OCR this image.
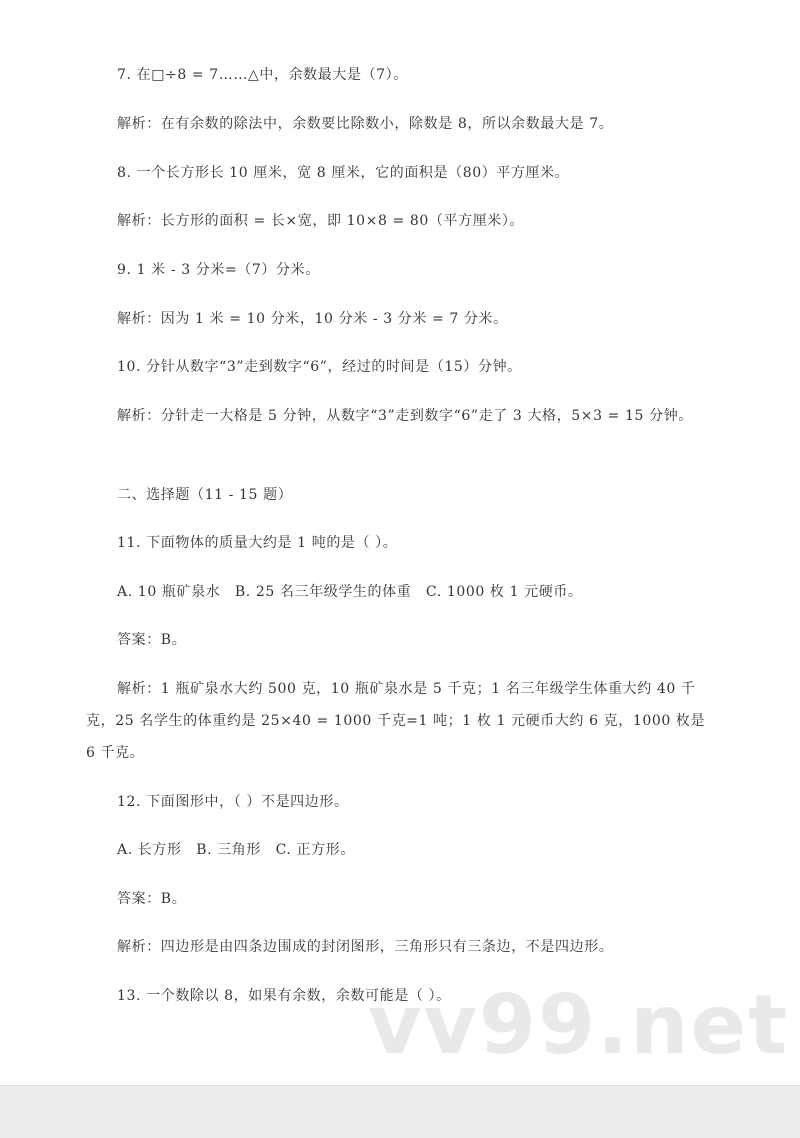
7. 在□÷8 = 7……△中，余数最大是（7）。

解析：在有余数的除法中，余数要比除数小，除数是 8，所以余数最大是 7。

8. 一个长方形长 10 厘米，宽 8 厘米，它的面积是（80）平方厘米。

解析：长方形的面积 = 长×宽，即 10×8 = 80（平方厘米）。

9. 1 米 - 3 分米=（7）分米。

解析：因为 1 米 = 10 分米，10 分米 - 3 分米 = 7 分米。

10. 分针从数字“3”走到数字“6”，经过的时间是（15）分钟。

解析：分针走一大格是 5 分钟，从数字“3”走到数字“6”走了 3 大格，5×3 = 15 分钟。

二、选择题（11 - 15 题）

11. 下面物体的质量大约是 1 吨的是（ ）。

A. 10 瓶矿泉水　B. 25 名三年级学生的体重　C. 1000 枚 1 元硬币。

答案：B。

解析：1 瓶矿泉水大约 500 克，10 瓶矿泉水是 5 千克；1 名三年级学生体重大约 40 千克，25 名学生的体重约是 25×40 = 1000 千克=1 吨；1 枚 1 元硬币大约 6 克，1000 枚是 6 千克。

12. 下面图形中，（ ）不是四边形。

A. 长方形　B. 三角形　C. 正方形。

答案：B。

解析：四边形是由四条边围成的封闭图形，三角形只有三条边，不是四边形。

13. 一个数除以 8，如果有余数，余数可能是（ ）。

vv99.net
